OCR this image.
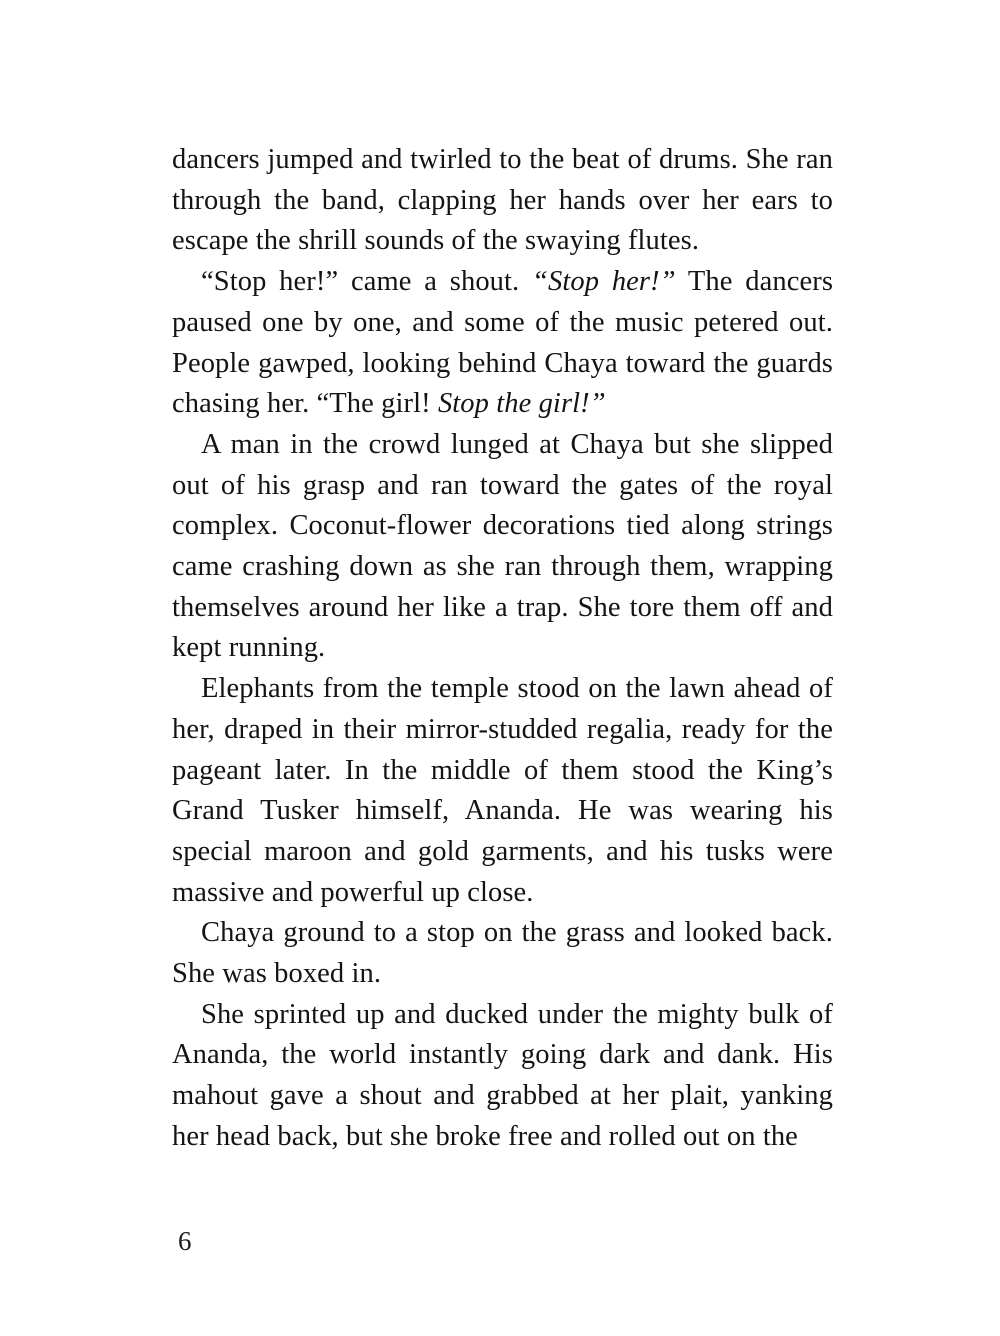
dancers jumped and twirled to the beat of drums. She ran through the band, clapping her hands over her ears to escape the shrill sounds of the swaying flutes.

“Stop her!” came a shout. “Stop her!” The dancers paused one by one, and some of the music petered out. People gawped, looking behind Chaya toward the guards chasing her. “The girl! Stop the girl!”

A man in the crowd lunged at Chaya but she slipped out of his grasp and ran toward the gates of the royal complex. Coconut-flower decorations tied along strings came crashing down as she ran through them, wrapping themselves around her like a trap. She tore them off and kept running.

Elephants from the temple stood on the lawn ahead of her, draped in their mirror-studded regalia, ready for the pageant later. In the middle of them stood the King’s Grand Tusker himself, Ananda. He was wearing his special maroon and gold garments, and his tusks were massive and powerful up close.

Chaya ground to a stop on the grass and looked back. She was boxed in.

She sprinted up and ducked under the mighty bulk of Ananda, the world instantly going dark and dank. His mahout gave a shout and grabbed at her plait, yanking her head back, but she broke free and rolled out on the

6
